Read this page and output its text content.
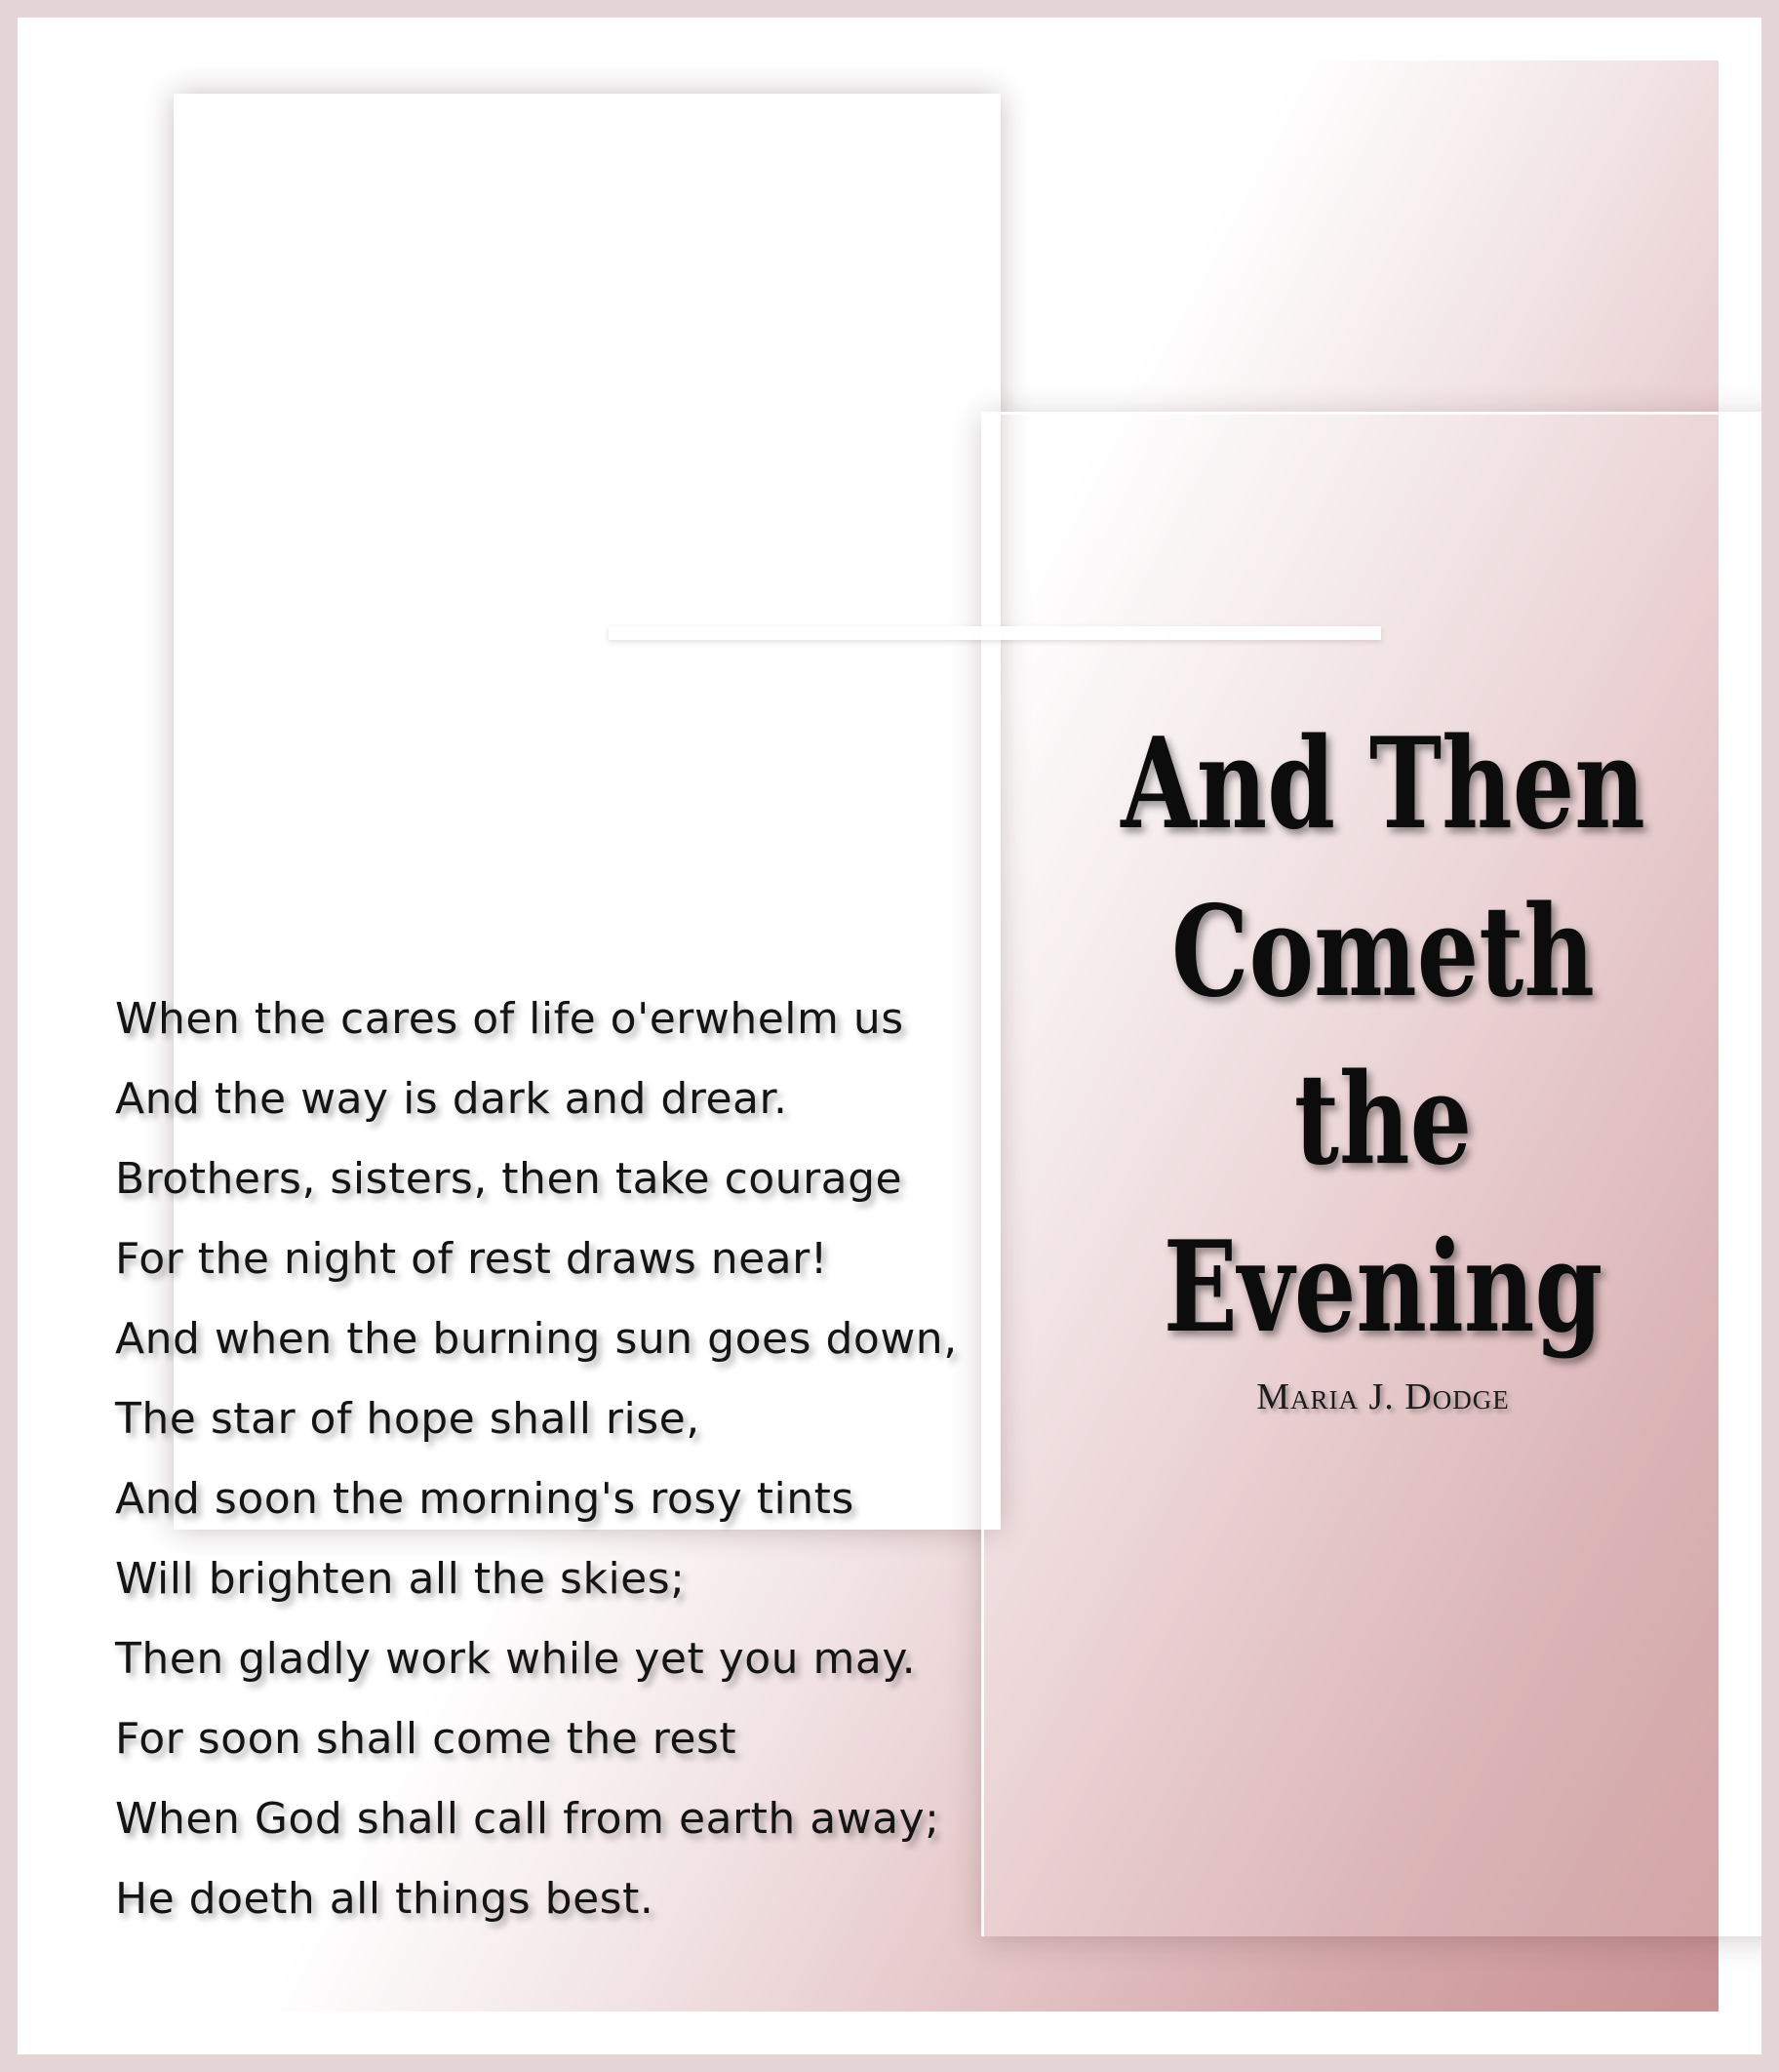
And Then
Cometh
the
Evening

Maria J. Dodge

When the cares of life o'erwhelm us
And the way is dark and drear.
Brothers, sisters, then take courage
For the night of rest draws near!
And when the burning sun goes down,
The star of hope shall rise,
And soon the morning's rosy tints
Will brighten all the skies;
Then gladly work while yet you may.
For soon shall come the rest
When God shall call from earth away;
He doeth all things best.
